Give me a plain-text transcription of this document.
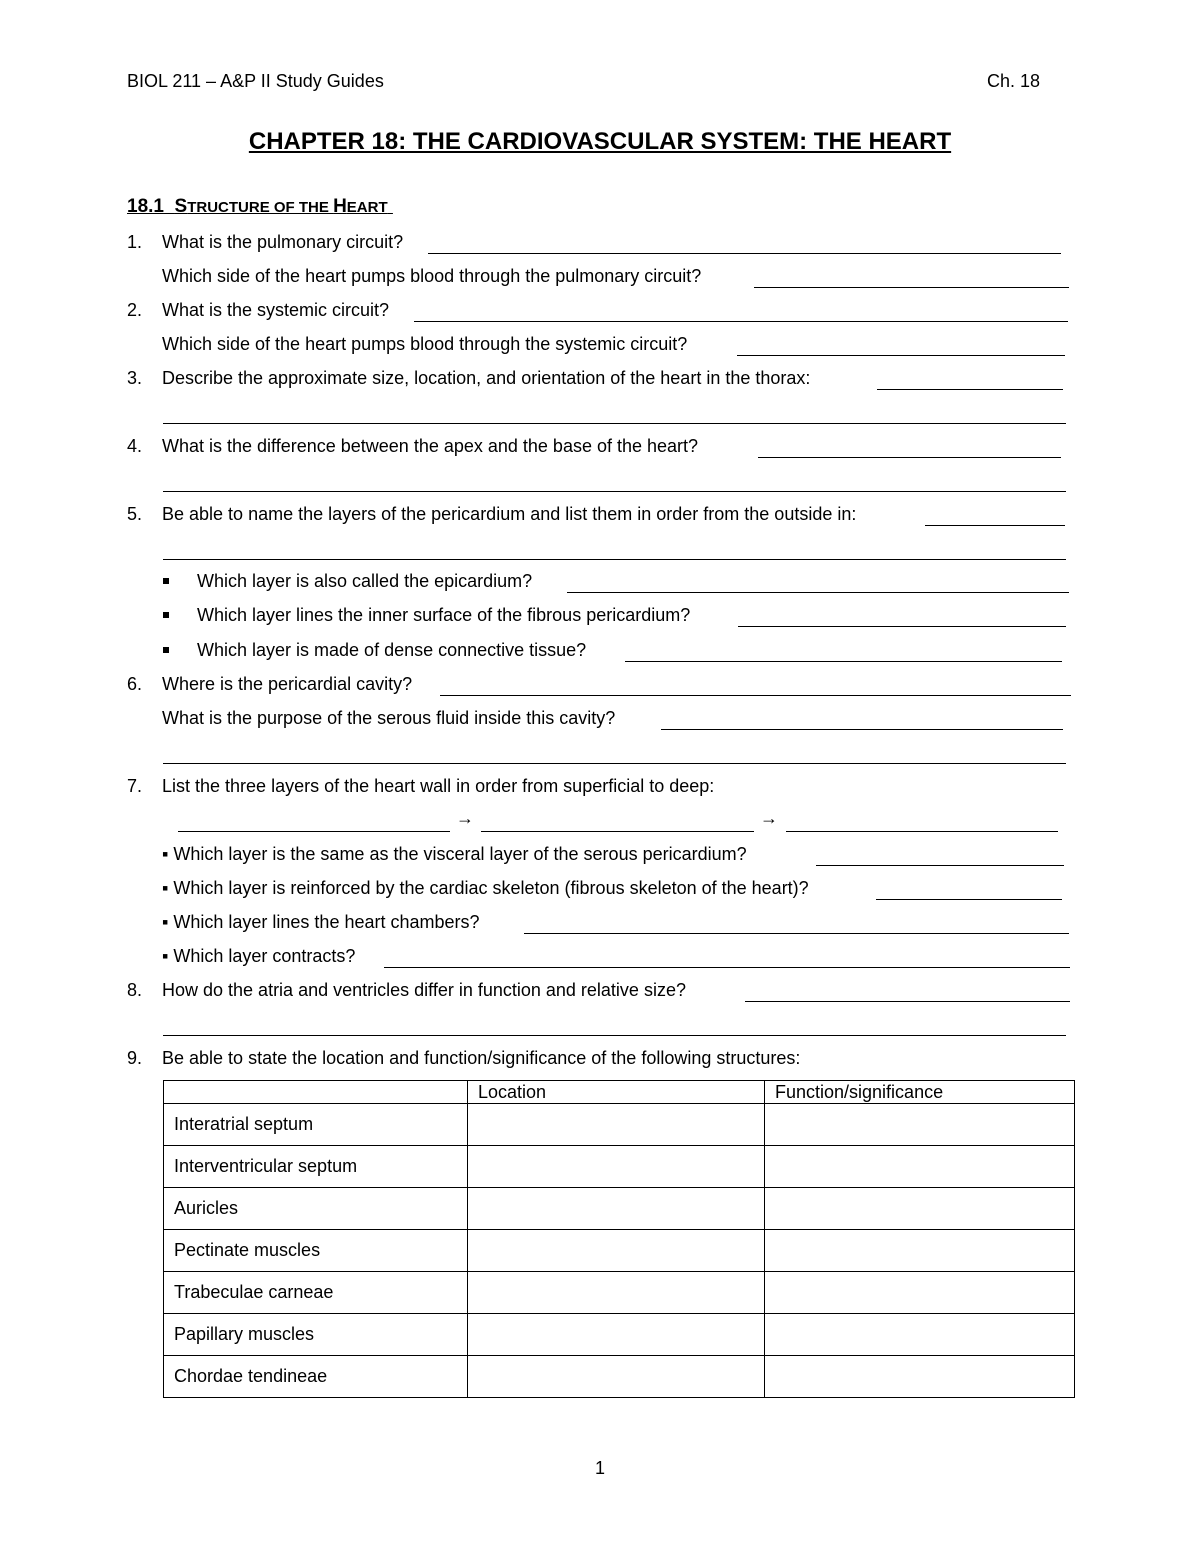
BIOL 211 – A&P II Study Guides	Ch. 18
CHAPTER 18: THE CARDIOVASCULAR SYSTEM: THE HEART
18.1 STRUCTURE OF THE HEART
1. What is the pulmonary circuit?
Which side of the heart pumps blood through the pulmonary circuit?
2. What is the systemic circuit?
Which side of the heart pumps blood through the systemic circuit?
3. Describe the approximate size, location, and orientation of the heart in the thorax:
4. What is the difference between the apex and the base of the heart?
5. Be able to name the layers of the pericardium and list them in order from the outside in:
Which layer is also called the epicardium?
Which layer lines the inner surface of the fibrous pericardium?
Which layer is made of dense connective tissue?
6. Where is the pericardial cavity?
What is the purpose of the serous fluid inside this cavity?
7. List the three layers of the heart wall in order from superficial to deep:
→	→
▪ Which layer is the same as the visceral layer of the serous pericardium?
▪ Which layer is reinforced by the cardiac skeleton (fibrous skeleton of the heart)?
▪ Which layer lines the heart chambers?
▪ Which layer contracts?
8. How do the atria and ventricles differ in function and relative size?
9. Be able to state the location and function/significance of the following structures:
	Location	Function/significance
Interatrial septum		
Interventricular septum		
Auricles		
Pectinate muscles		
Trabeculae carneae		
Papillary muscles		
Chordae tendineae		
1
